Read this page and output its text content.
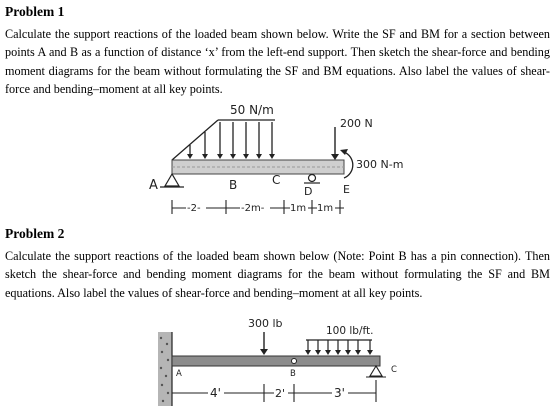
Problem 1
Calculate the support reactions of the loaded beam shown below. Write the SF and BM for a section between points A and B as a function of distance ‘x’ from the left-end support. Then sketch the shear-force and bending moment diagrams for the beam without formulating the SF and BM equations. Also label the values of shear-force and bending–moment at all key points.
50 N/m
200 N
300 N-m
A	B	C
D	E
-2-	-2m-	1m 1m
Problem 2
Calculate the support reactions of the loaded beam shown below (Note: Point B has a pin connection). Then sketch the shear-force and bending moment diagrams for the beam without formulating the SF and BM equations. Also label the values of shear-force and bending–moment at all key points.
300 lb
100 lb/ft.
A	B	C
4'	2'	3'
